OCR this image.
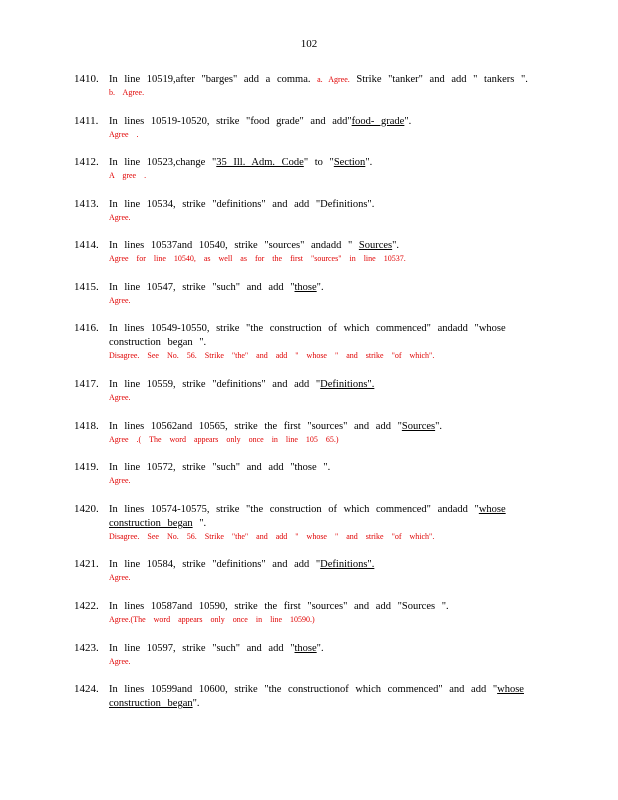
102
1410. In line 10519,after "barges" add a comma. a. Agree. Strike "tanker" and add " tankers ".
b. Agree.
1411. In lines 10519-10520, strike "food grade" and add"food- grade".
Agree .
1412. In line 10523,change "35 Ill. Adm. Code" to "Section".
A gree .
1413. In line 10534, strike "definitions" and add "Definitions".
Agree.
1414. In lines 10537and 10540, strike "sources" andadd " Sources".
Agree for line 10540, as well as for the first "sources" in line 10537.
1415. In line 10547, strike "such" and add "those".
Agree.
1416. In lines 10549-10550, strike "the construction of which commenced" andadd "whose construction began ".
Disagree. See No. 56. Strike "the" and add " whose " and strike "of which".
1417. In line 10559, strike "definitions" and add "Definitions".
Agree.
1418. In lines 10562and 10565, strike the first "sources" and add "Sources".
Agree .( The word appears only once in line 105 65.)
1419. In line 10572, strike "such" and add "those ".
Agree.
1420. In lines 10574-10575, strike "the construction of which commenced" andadd "whose construction began ".
Disagree. See No. 56. Strike "the" and add " whose " and strike "of which".
1421. In line 10584, strike "definitions" and add "Definitions".
Agree.
1422. In lines 10587and 10590, strike the first "sources" and add "Sources ".
Agree.(The word appears only once in line 10590.)
1423. In line 10597, strike "such" and add "those".
Agree.
1424. In lines 10599and 10600, strike "the constructionof which commenced" and add "whose construction began".
